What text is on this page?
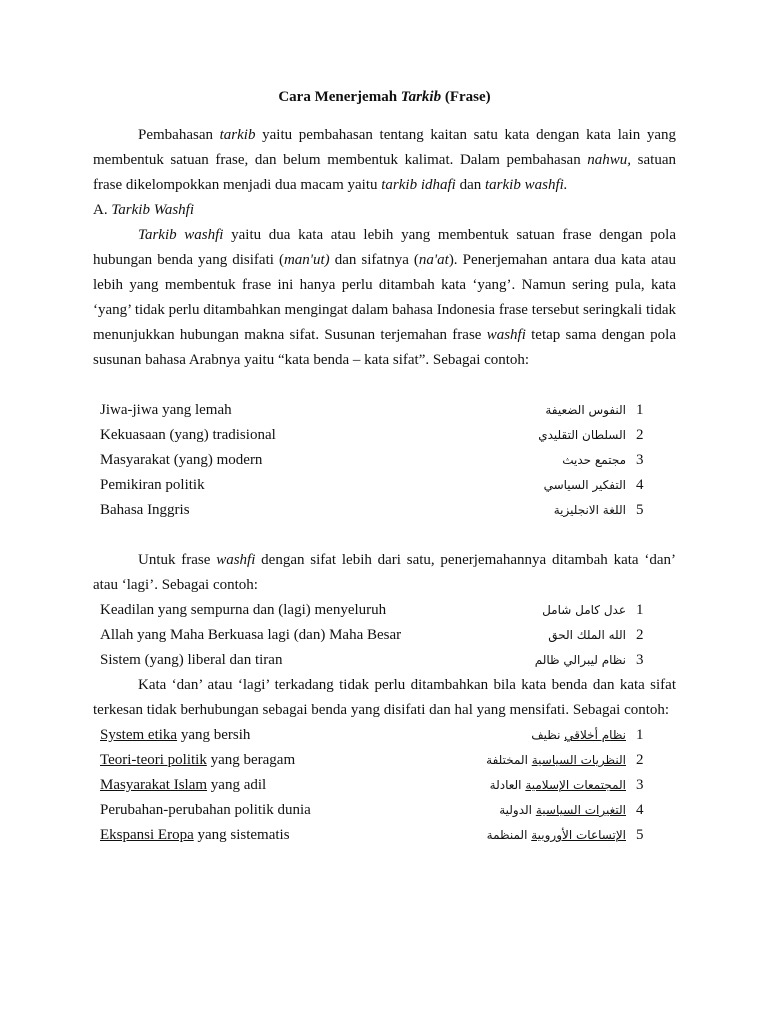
Cara Menerjemah Tarkib (Frase)

Pembahasan tarkib yaitu pembahasan tentang kaitan satu kata dengan kata lain yang membentuk satuan frase, dan belum membentuk kalimat. Dalam pembahasan nahwu, satuan frase dikelompokkan menjadi dua macam yaitu tarkib idhafi dan tarkib washfi.

A. Tarkib Washfi

Tarkib washfi yaitu dua kata atau lebih yang membentuk satuan frase dengan pola hubungan benda yang disifati (man'ut) dan sifatnya (na'at). Penerjemahan antara dua kata atau lebih yang membentuk frase ini hanya perlu ditambah kata ‘yang’. Namun sering pula, kata ‘yang’ tidak perlu ditambahkan mengingat dalam bahasa Indonesia frase tersebut seringkali tidak menunjukkan hubungan makna sifat. Susunan terjemahan frase washfi tetap sama dengan pola susunan bahasa Arabnya yaitu “kata benda – kata sifat”. Sebagai contoh:

Jiwa-jiwa yang lemah	النفوس الضعيفة 1
Kekuasaan (yang) tradisional	السلطان التقليدي 2
Masyarakat (yang) modern	مجتمع حديث 3
Pemikiran politik	التفكير السياسي 4
Bahasa Inggris	اللغة الانجليزية 5

Untuk frase washfi dengan sifat lebih dari satu, penerjemahannya ditambah kata ‘dan’ atau ‘lagi’. Sebagai contoh:

Keadilan yang sempurna dan (lagi) menyeluruh	عدل كامل شامل 1
Allah yang Maha Berkuasa lagi (dan) Maha Besar	الله الملك الحق 2
Sistem (yang) liberal dan tiran	نظام ليبرالي ظالم 3

Kata ‘dan’ atau ‘lagi’ terkadang tidak perlu ditambahkan bila kata benda dan kata sifat terkesan tidak berhubungan sebagai benda yang disifati dan hal yang mensifati. Sebagai contoh:

System etika yang bersih	نظام أخلاقي نظيف	1
Teori-teori politik yang beragam	النظريات السياسية المختلفة	2
Masyarakat Islam yang adil	المجتمعات الإسلامية العادلة	3
Perubahan-perubahan politik dunia	التغيرات السياسية الدولية	4
Ekspansi Eropa yang sistematis	الإتساعات الأوروبية المنظمة	5
